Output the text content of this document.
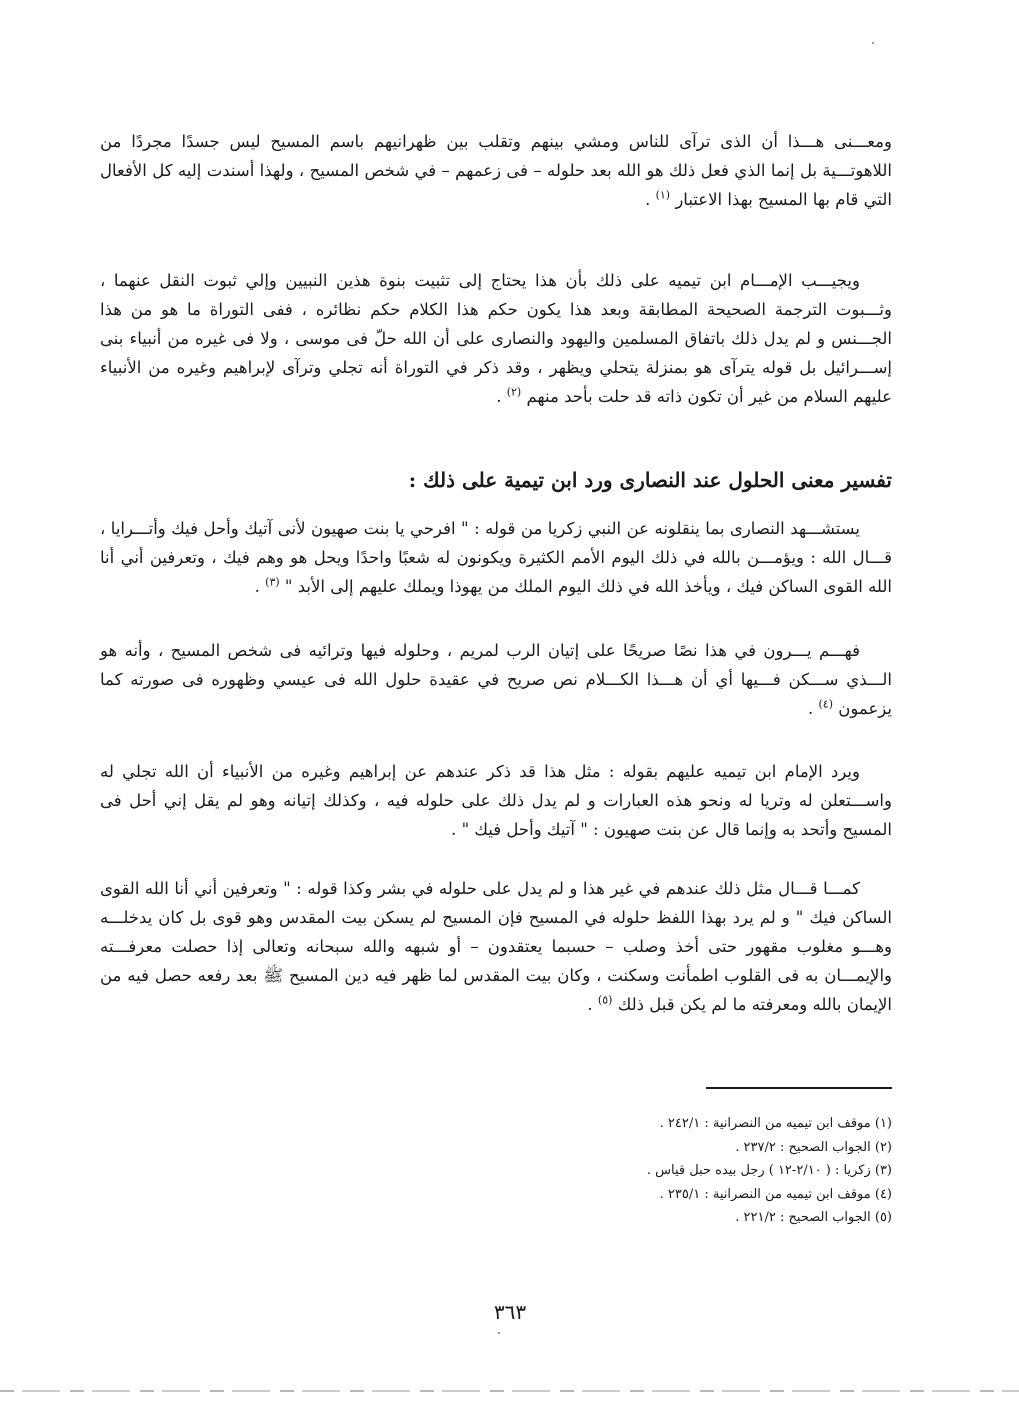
ومعـــنى هـــذا أن الذى ترآى للناس ومشي بينهم وتقلب بين ظهرانيهم باسم المسيح ليس جسدًا مجردًا من اللاهوتـــية بل إنما الذي فعل ذلك هو الله بعد حلوله – فى زعمهم – في شخص المسيح ، ولهذا أسندت إليه كل الأفعال التي قام بها المسيح بهذا الاعتبار $^{(١)}$ .
ويجيـــب الإمـــام ابن تيميه على ذلك بأن هذا يحتاج إلى تثبيت بنوة هذين النبيين وإلي ثبوت النقل عنهما ، وثـــبوت الترجمة الصحيحة المطابقة وبعد هذا يكون حكم هذا الكلام حكم نظائره ، ففى التوراة ما هو من هذا الجـــنس و لم يدل ذلك باتفاق المسلمين واليهود والنصارى على أن الله حلّ فى موسى ، ولا فى غيره من أنبياء بنى إســـرائيل بل قوله يترآى هو بمنزلة يتحلي ويظهر ، وقد ذكر في التوراة أنه تجلي وترآى لإبراهيم وغيره من الأنبياء عليهم السلام من غير أن تكون ذاته قد حلت بأحد منهم $^{(٢)}$ .
تفسير معنى الحلول عند النصارى ورد ابن تيمية على ذلك :
يستشـــهد النصارى بما ينقلونه عن النبي زكريا من قوله : " افرحي يا بنت صهيون لأنى آتيك وأحل فيك وأتـــرايا ، قـــال الله : ويؤمـــن بالله في ذلك اليوم الأمم الكثيرة ويكونون له شعبًا واحدًا ويحل هو وهم فيك ، وتعرفين أني أنا الله القوى الساكن فيك ، ويأخذ الله في ذلك اليوم الملك من يهوذا ويملك عليهم إلى الأبد " $^{(٣)}$ .
فهـــم يـــرون في هذا نصًا صريحًا على إتيان الرب لمريم ، وحلوله فيها وترائيه فى شخص المسيح ، وأنه هو الـــذي ســـكن فـــيها أي أن هـــذا الكـــلام نص صريح في عقيدة حلول الله فى عيسي وظهوره فى صورته كما يزعمون $^{(٤)}$ .
ويرد الإمام ابن تيميه عليهم بقوله : مثل هذا قد ذكر عندهم عن إبراهيم وغيره من الأنبياء أن الله تجلي له واســـتعلن له وتريا له ونحو هذه العبارات و لم يدل ذلك على حلوله فيه ، وكذلك إتيانه وهو لم يقل إني أحل فى المسيح وأتحد به وإنما قال عن بنت صهيون : " آتيك وأحل فيك " .
كمـــا قـــال مثل ذلك عندهم في غير هذا و لم يدل على حلوله في بشر وكذا قوله : " وتعرفين أني أنا الله القوى الساكن فيك " و لم يرد بهذا اللفظ حلوله في المسيح فإن المسيح لم يسكن بيت المقدس وهو قوى بل كان يدخلـــه وهـــو مغلوب مقهور حتى أخذ وصلب – حسبما يعتقدون – أو شبهه والله سبحانه وتعالى إذا حصلت معرفـــته والإيمـــان به فى القلوب اطمأنت وسكنت ، وكان بيت المقدس لما ظهر فيه دين المسيح ﷺ بعد رفعه حصل فيه من الإيمان بالله ومعرفته ما لم يكن قبل ذلك $^{(٥)}$ .
(١) موقف ابن تيميه من النصرانية : ٢٤٢/١ .
(٢) الجواب الصحيح : ٢٣٧/٢ .
(٣) زكريا : ( ٢/١٠-١٢ ) رجل بيده حبل قياس .
(٤) موقف ابن تيميه من النصرانية : ٢٣٥/١ .
(٥) الجواب الصحيح : ٢٢١/٢ .
٣٦٣
